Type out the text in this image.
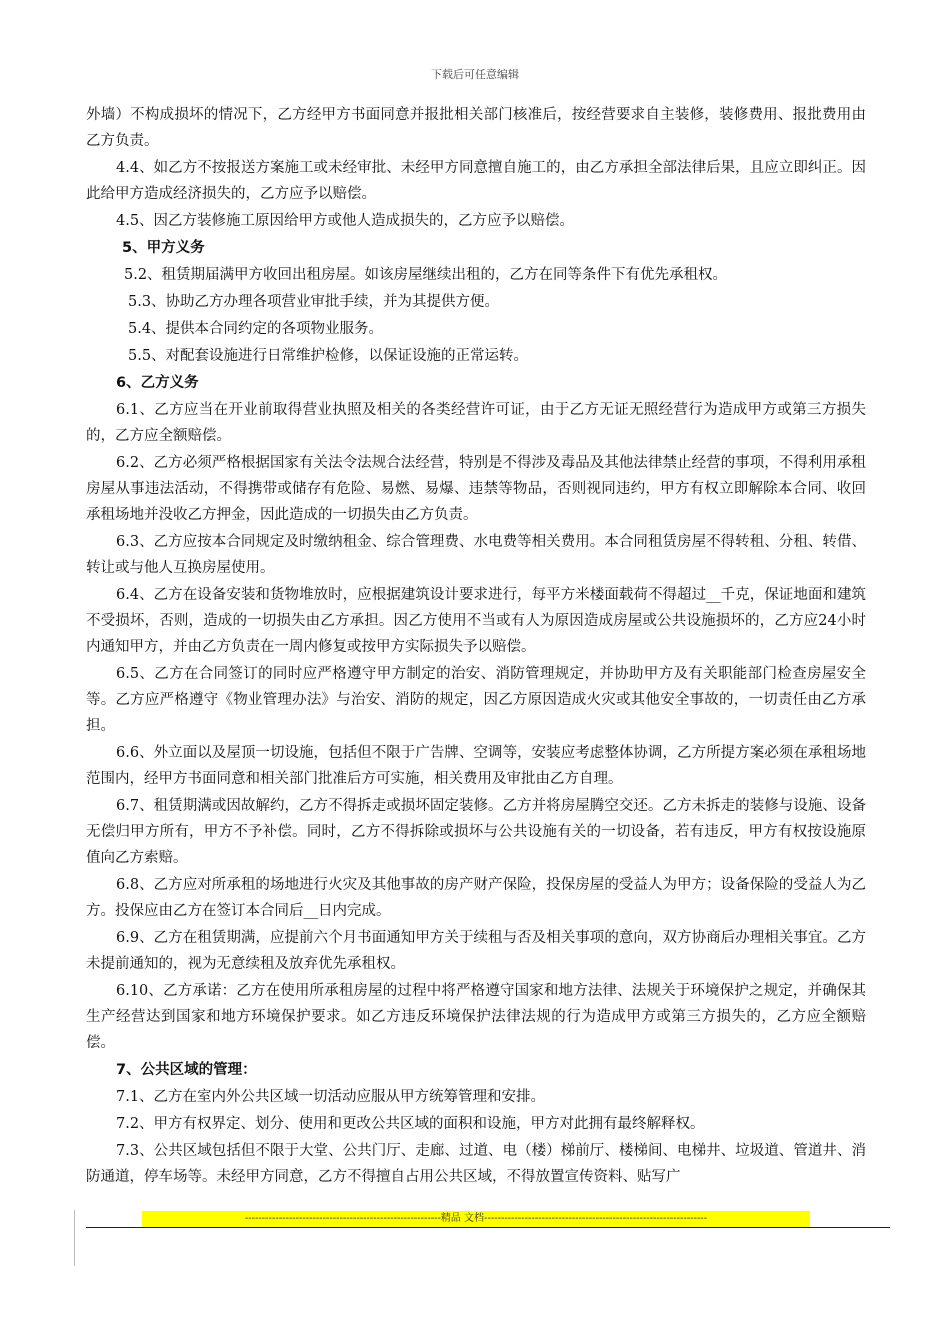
下载后可任意编辑

外墙）不构成损坏的情况下，乙方经甲方书面同意并报批相关部门核准后，按经营要求自主装修，装修费用、报批费用由乙方负责。

4.4、如乙方不按报送方案施工或未经审批、未经甲方同意擅自施工的，由乙方承担全部法律后果，且应立即纠正。因此给甲方造成经济损失的，乙方应予以赔偿。

4.5、因乙方装修施工原因给甲方或他人造成损失的，乙方应予以赔偿。

5、甲方义务

5.2、租赁期届满甲方收回出租房屋。如该房屋继续出租的，乙方在同等条件下有优先承租权。

5.3、协助乙方办理各项营业审批手续，并为其提供方便。

5.4、提供本合同约定的各项物业服务。

5.5、对配套设施进行日常维护检修，以保证设施的正常运转。

6、乙方义务

6.1、乙方应当在开业前取得营业执照及相关的各类经营许可证，由于乙方无证无照经营行为造成甲方或第三方损失的，乙方应全额赔偿。

6.2、乙方必须严格根据国家有关法令法规合法经营，特别是不得涉及毒品及其他法律禁止经营的事项，不得利用承租房屋从事违法活动，不得携带或储存有危险、易燃、易爆、违禁等物品，否则视同违约，甲方有权立即解除本合同、收回承租场地并没收乙方押金，因此造成的一切损失由乙方负责。

6.3、乙方应按本合同规定及时缴纳租金、综合管理费、水电费等相关费用。本合同租赁房屋不得转租、分租、转借、转让或与他人互换房屋使用。

6.4、乙方在设备安装和货物堆放时，应根据建筑设计要求进行，每平方米楼面载荷不得超过__千克，保证地面和建筑不受损坏，否则，造成的一切损失由乙方承担。因乙方使用不当或有人为原因造成房屋或公共设施损坏的，乙方应24小时内通知甲方，并由乙方负责在一周内修复或按甲方实际损失予以赔偿。

6.5、乙方在合同签订的同时应严格遵守甲方制定的治安、消防管理规定，并协助甲方及有关职能部门检查房屋安全等。乙方应严格遵守《物业管理办法》与治安、消防的规定，因乙方原因造成火灾或其他安全事故的，一切责任由乙方承担。

6.6、外立面以及屋顶一切设施，包括但不限于广告牌、空调等，安装应考虑整体协调，乙方所提方案必须在承租场地范围内，经甲方书面同意和相关部门批准后方可实施，相关费用及审批由乙方自理。

6.7、租赁期满或因故解约，乙方不得拆走或损坏固定装修。乙方并将房屋腾空交还。乙方未拆走的装修与设施、设备无偿归甲方所有，甲方不予补偿。同时，乙方不得拆除或损坏与公共设施有关的一切设备，若有违反，甲方有权按设施原值向乙方索赔。

6.8、乙方应对所承租的场地进行火灾及其他事故的房产财产保险，投保房屋的受益人为甲方；设备保险的受益人为乙方。投保应由乙方在签订本合同后__日内完成。

6.9、乙方在租赁期满，应提前六个月书面通知甲方关于续租与否及相关事项的意向，双方协商后办理相关事宜。乙方未提前通知的，视为无意续租及放弃优先承租权。

6.10、乙方承诺：乙方在使用所承租房屋的过程中将严格遵守国家和地方法律、法规关于环境保护之规定，并确保其生产经营达到国家和地方环境保护要求。如乙方违反环境保护法律法规的行为造成甲方或第三方损失的，乙方应全额赔偿。

7、公共区域的管理：

7.1、乙方在室内外公共区域一切活动应服从甲方统筹管理和安排。

7.2、甲方有权界定、划分、使用和更改公共区域的面积和设施，甲方对此拥有最终解释权。

7.3、公共区域包括但不限于大堂、公共门厅、走廊、过道、电（楼）梯前厅、楼梯间、电梯井、垃圾道、管道井、消防通道，停车场等。未经甲方同意，乙方不得擅自占用公共区域，不得放置宣传资料、贴写广

----------------------------------------------------------精品 文档------------------------------------------------------------------
